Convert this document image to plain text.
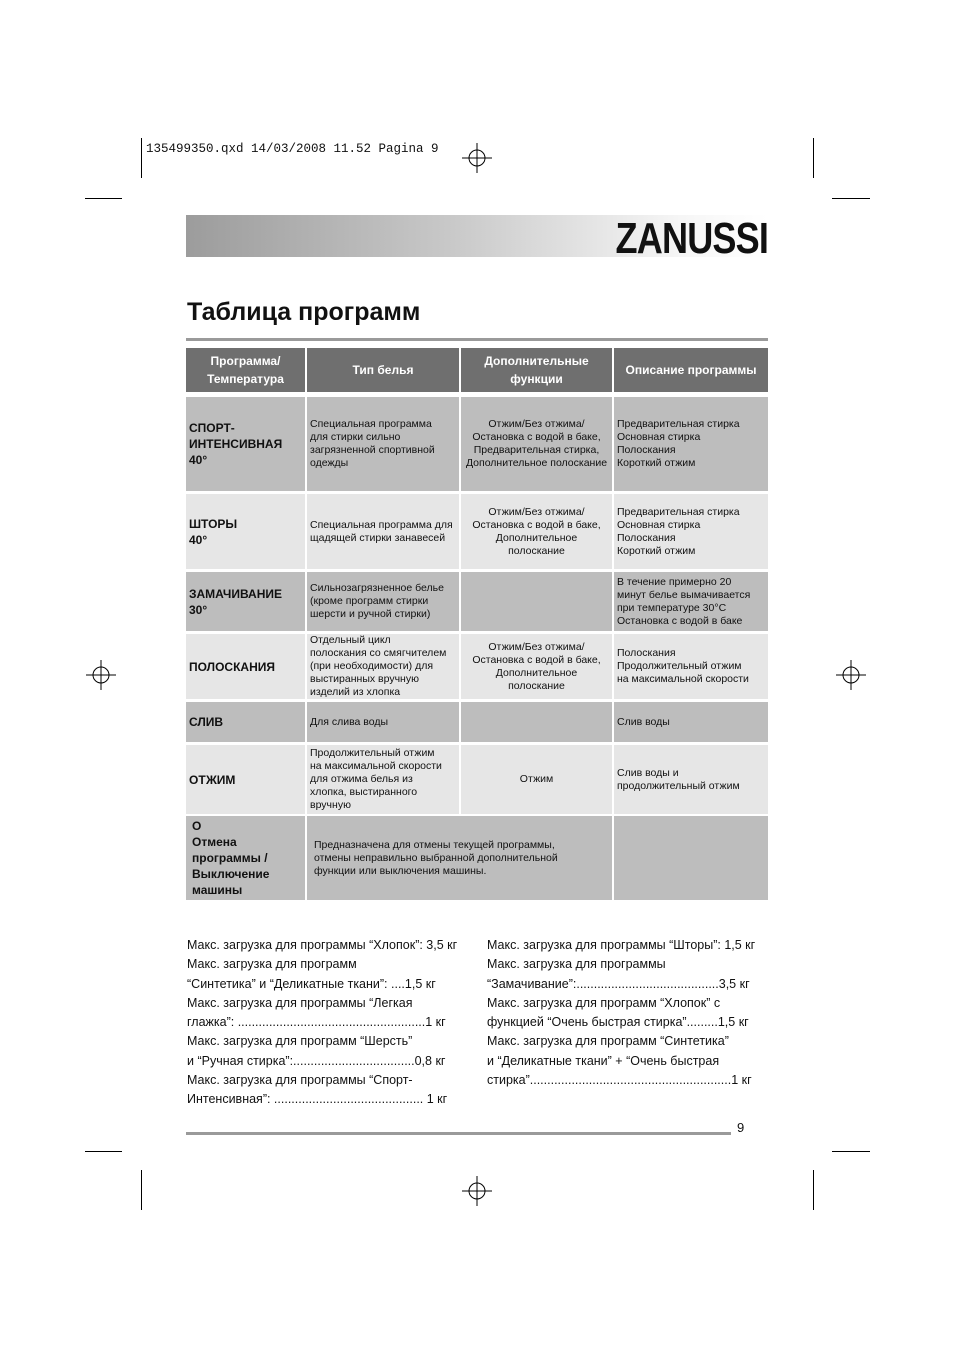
135499350.qxd 14/03/2008 11.52 Pagina 9
ZANUSSI
Таблица программ
Программа/
Температура
Тип белья
Дополнительные
функции
Описание программы
СПОРТ-
ИНТЕНСИВНАЯ
40°
Специальная программа
для стирки сильно
загрязненной спортивной
одежды
Отжим/Без отжима/
Остановка с водой в баке,
Предварительная стирка,
Дополнительное полоскание
Предварительная стирка
Основная стирка
Полоскания
Короткий отжим
ШТОРЫ
40°
Специальная программа для
щадящей стирки занавесей
Отжим/Без отжима/
Остановка с водой в баке,
Дополнительное
полоскание
Предварительная стирка
Основная стирка
Полоскания
Короткий отжим
ЗАМАЧИВАНИЕ
30°
Сильнозагрязненное белье
(кроме программ стирки
шерсти и ручной стирки)
В течение примерно 20
минут белье вымачивается
при температуре 30°C
Остановка с водой в баке
ПОЛОСКАНИЯ
Отдельный цикл
полоскания со смягчителем
(при необходимости) для
выстиранных вручную
изделий из хлопка
Отжим/Без отжима/
Остановка с водой в баке,
Дополнительное
полоскание
Полоскания
Продолжительный отжим
на максимальной скорости
СЛИВ	Для слива воды	Слив воды
ОТЖИМ
Продолжительный отжим
на максимальной скорости
для отжима белья из
хлопка, выстиранного
вручную
Отжим
Слив воды и
продолжительный отжим
O
Отмена
программы /
Выключение
машины
Предназначена для отмены текущей программы,
отмены неправильно выбранной дополнительной
функции или выключения машины.
Макс. загрузка для программы “Хлопок”: 3,5 кг
Макс. загрузка для программ
“Синтетика” и “Деликатные ткани”: ....1,5 кг
Макс. загрузка для программы “Легкая
глажка”: ......................................................1 кг
Макс. загрузка для программ “Шерсть”
и “Ручная стирка”:...................................0,8 кг
Макс. загрузка для программы “Спорт-
Интенсивная”: ........................................... 1 кг
Макс. загрузка для программы “Шторы”: 1,5 кг
Макс. загрузка для программы
“Замачивание”:.........................................3,5 кг
Макс. загрузка для программ “Хлопок” с
функцией “Очень быстрая стирка”.........1,5 кг
Макс. загрузка для программ “Синтетика”
и “Деликатные ткани” + “Очень быстрая
стирка”..........................................................1 кг
9
